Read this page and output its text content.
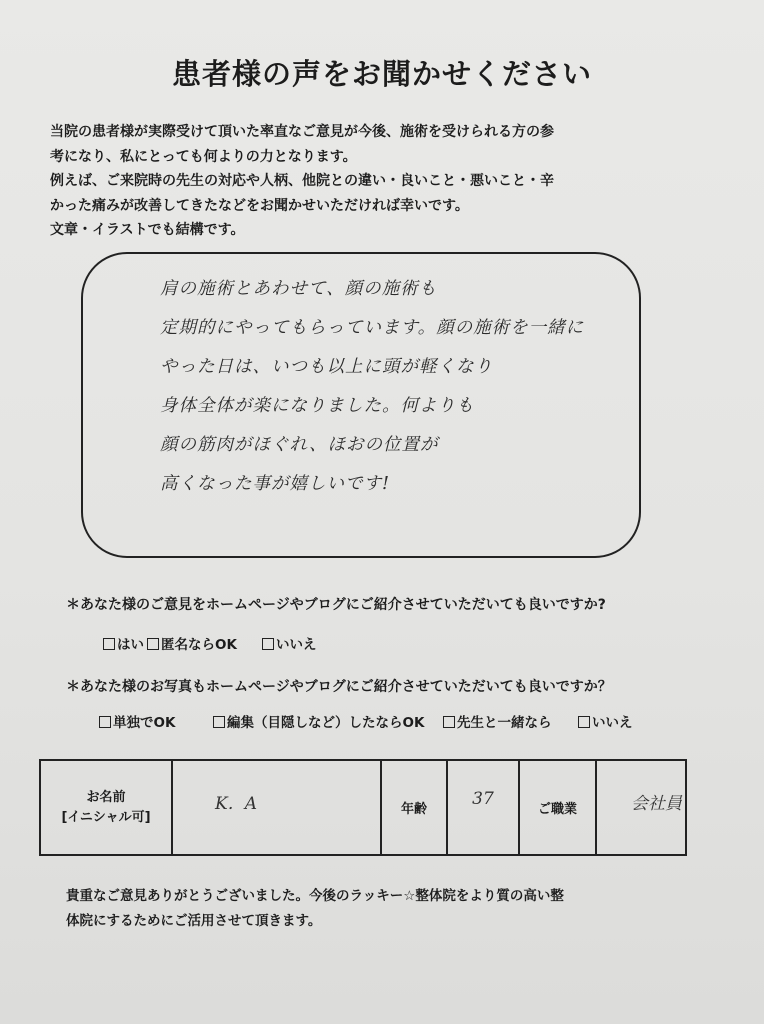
患者様の声をお聞かせください
当院の患者様が実際受けて頂いた率直なご意見が今後、施術を受けられる方の参
考になり、私にとっても何よりの力となります。
例えば、ご来院時の先生の対応や人柄、他院との違い・良いこと・悪いこと・辛
かった痛みが改善してきたなどをお聞かせいただければ幸いです。
文章・イラストでも結構です。
肩の施術とあわせて、顔の施術も
定期的にやってもらっています。顔の施術を一緒に
やった日は、いつも以上に頭が軽くなり
身体全体が楽になりました。何よりも
顔の筋肉がほぐれ、ほおの位置が
高くなった事が嬉しいです!
＊あなた様のご意見をホームページやブログにご紹介させていただいても良いですか?
はい	匿名ならOK	いいえ
＊あなた様のお写真もホームページやブログにご紹介させていただいても良いですか？
単独でOK	編集（目隠しなど）したならOK	先生と一緒なら	いいえ
お名前
[イニシャル可]
	K．A	年齢	37	ご職業	会社員
貴重なご意見ありがとうございました。今後のラッキー☆整体院をより質の高い整
体院にするためにご活用させて頂きます。
